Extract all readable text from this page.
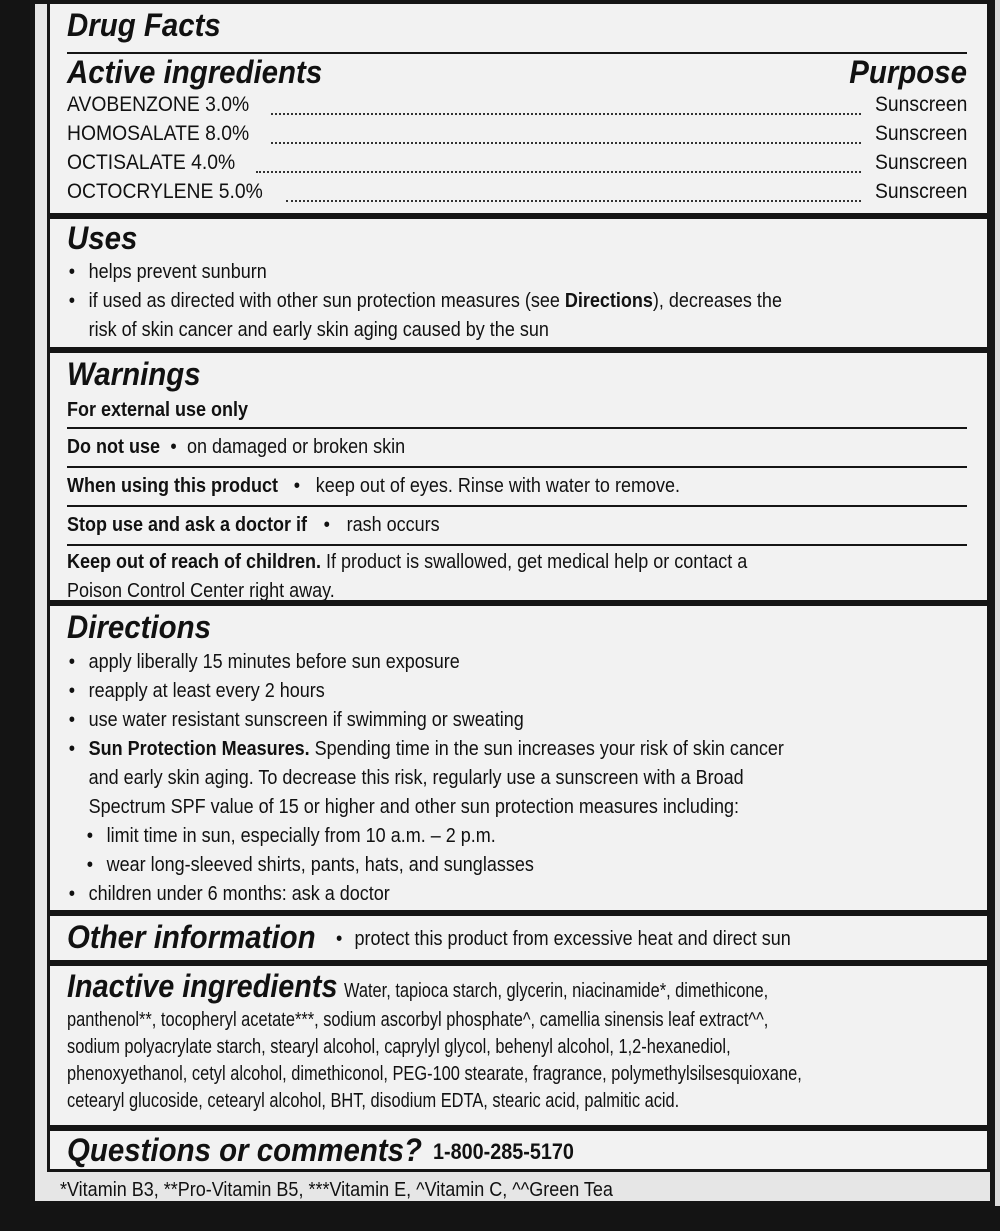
Drug Facts
Active ingredients	Purpose
AVOBENZONE 3.0%	Sunscreen
HOMOSALATE 8.0%	Sunscreen
OCTISALATE 4.0%	Sunscreen
OCTOCRYLENE 5.0%	Sunscreen
Uses
• helps prevent sunburn
• if used as directed with other sun protection measures (see Directions), decreases the
risk of skin cancer and early skin aging caused by the sun
Warnings
For external use only
Do not use • on damaged or broken skin
When using this product • keep out of eyes. Rinse with water to remove.
Stop use and ask a doctor if • rash occurs
Keep out of reach of children. If product is swallowed, get medical help or contact a
Poison Control Center right away.
Directions
• apply liberally 15 minutes before sun exposure
• reapply at least every 2 hours
• use water resistant sunscreen if swimming or sweating
• Sun Protection Measures. Spending time in the sun increases your risk of skin cancer
and early skin aging. To decrease this risk, regularly use a sunscreen with a Broad
Spectrum SPF value of 15 or higher and other sun protection measures including:
• limit time in sun, especially from 10 a.m. – 2 p.m.
• wear long-sleeved shirts, pants, hats, and sunglasses
• children under 6 months: ask a doctor
Other information • protect this product from excessive heat and direct sun
Inactive ingredientsWater, tapioca starch, glycerin, niacinamide*, dimethicone,
panthenol**, tocopheryl acetate***, sodium ascorbyl phosphate^, camellia sinensis leaf extract^^,
sodium polyacrylate starch, stearyl alcohol, caprylyl glycol, behenyl alcohol, 1,2-hexanediol,
phenoxyethanol, cetyl alcohol, dimethiconol, PEG-100 stearate, fragrance, polymethylsilsesquioxane,
cetearyl glucoside, cetearyl alcohol, BHT, disodium EDTA, stearic acid, palmitic acid.
Questions or comments? 1-800-285-5170
*Vitamin B3, **Pro-Vitamin B5, ***Vitamin E, ^Vitamin C, ^^Green Tea
